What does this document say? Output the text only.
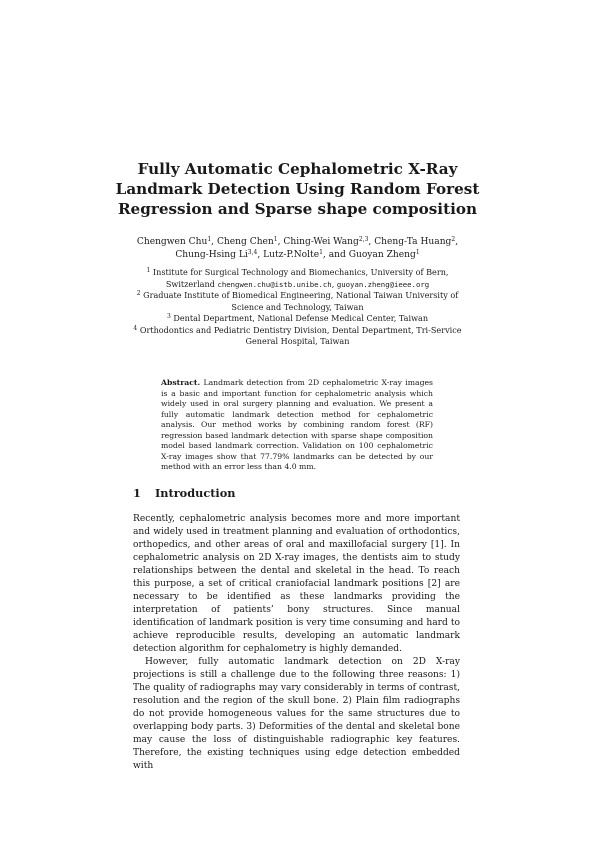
Fully Automatic Cephalometric X-Ray
Landmark Detection Using Random Forest
Regression and Sparse shape composition
Chengwen Chu$^1$, Cheng Chen$^1$, Ching-Wei Wang$^{2,3}$, Cheng-Ta Huang$^2$,
Chung-Hsing Li$^{3,4}$, Lutz-P.Nolte$^1$, and Guoyan Zheng$^1$
$^1$ Institute for Surgical Technology and Biomechanics, University of Bern,
Switzerland chengwen.chu@istb.unibe.ch, guoyan.zheng@ieee.org
$^2$ Graduate Institute of Biomedical Engineering, National Taiwan University of
Science and Technology, Taiwan
$^3$ Dental Department, National Defense Medical Center, Taiwan
$^4$ Orthodontics and Pediatric Dentistry Division, Dental Department, Tri-Service
General Hospital, Taiwan
Abstract. Landmark detection from 2D cephalometric X-ray images is a basic and important function for cephalometric analysis which widely used in oral surgery planning and evaluation. We present a fully automatic landmark detection method for cephalometric analysis. Our method works by combining random forest (RF) regression based landmark detection with sparse shape composition model based landmark correction. Validation on 100 cephalometric X-ray images show that 77.79% landmarks can be detected by our method with an error less than 4.0 mm.
1 Introduction

Recently, cephalometric analysis becomes more and more important and widely used in treatment planning and evaluation of orthodontics, orthopedics, and other areas of oral and maxillofacial surgery [1]. In cephalometric analysis on 2D X-ray images, the dentists aim to study relationships between the dental and skeletal in the head. To reach this purpose, a set of critical craniofacial landmark positions [2] are necessary to be identified as these landmarks providing the interpretation of patients’ bony structures. Since manual identification of landmark position is very time consuming and hard to achieve reproducible results, developing an automatic landmark detection algorithm for cephalometry is highly demanded.

However, fully automatic landmark detection on 2D X-ray projections is still a challenge due to the following three reasons: 1) The quality of radiographs may vary considerably in terms of contrast, resolution and the region of the skull bone. 2) Plain film radiographs do not provide homogeneous values for the same structures due to overlapping body parts. 3) Deformities of the dental and skeletal bone may cause the loss of distinguishable radiographic key features. Therefore, the existing techniques using edge detection embedded with
